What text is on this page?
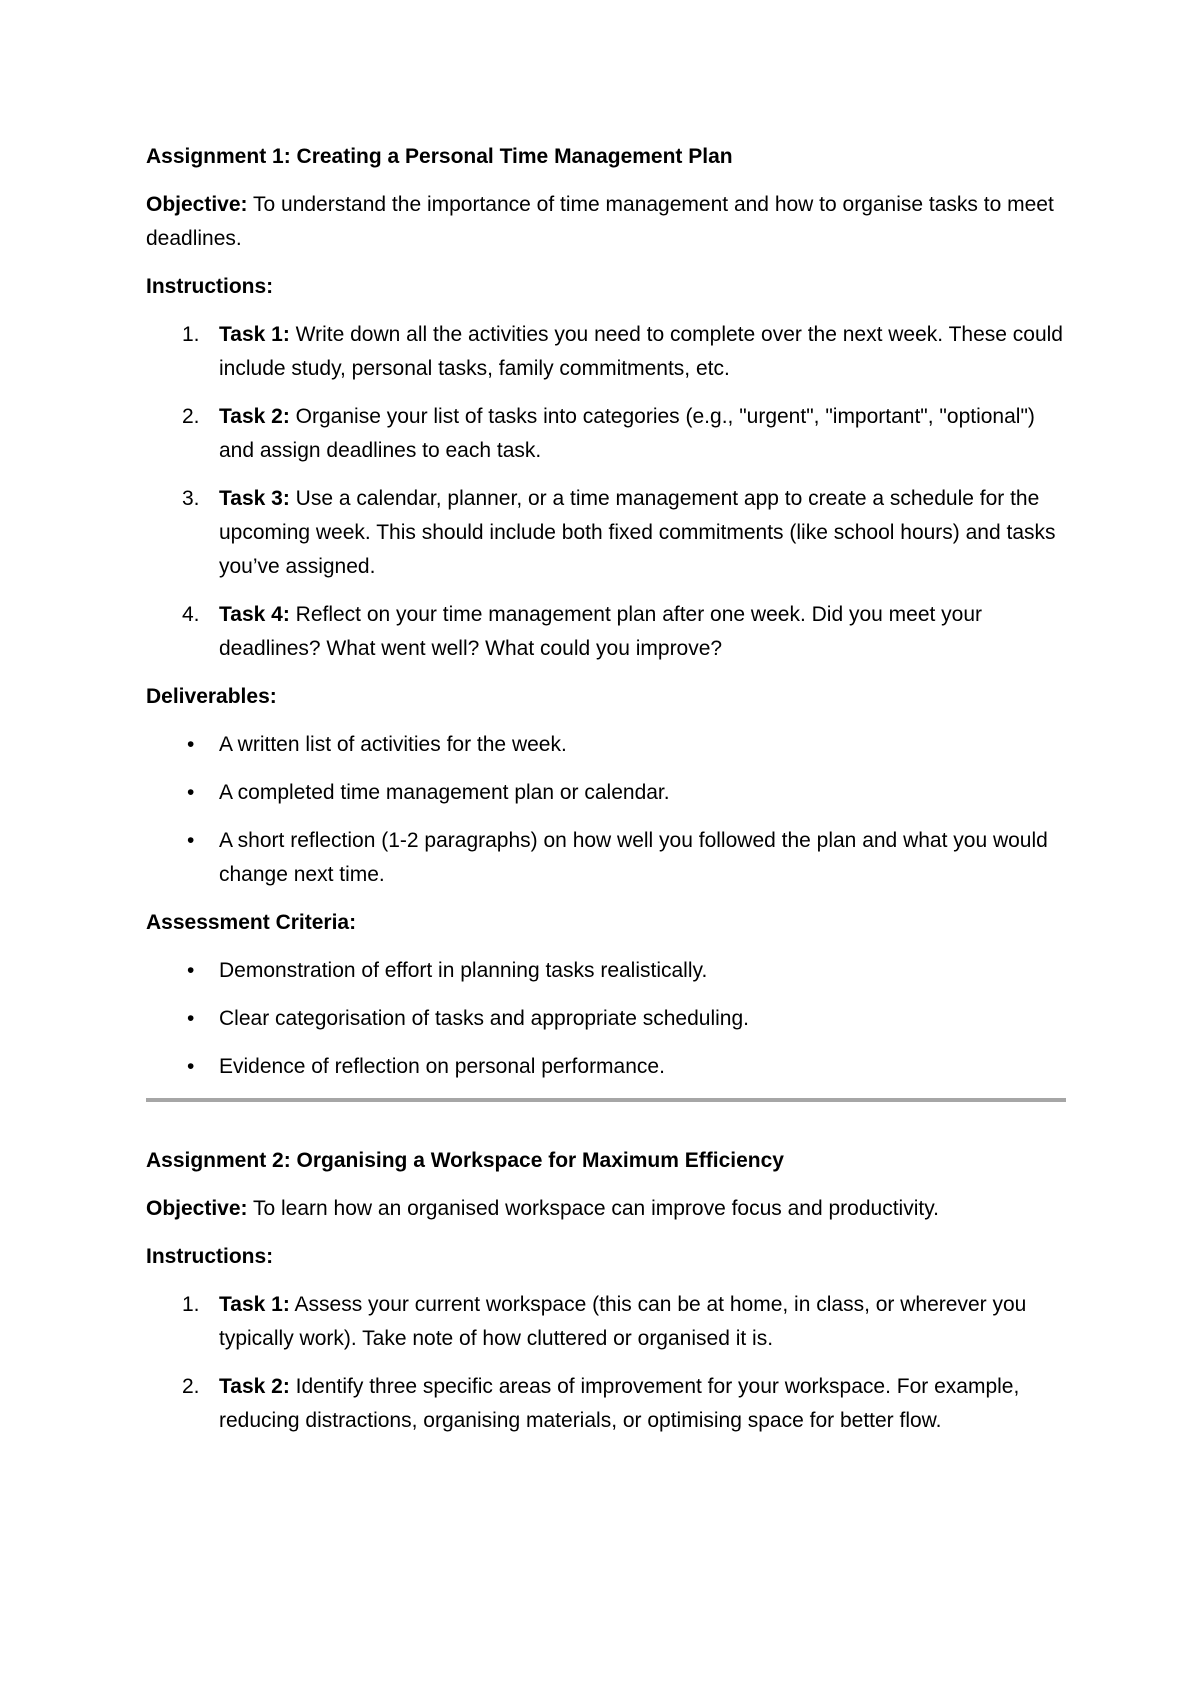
Assignment 1: Creating a Personal Time Management Plan
Objective: To understand the importance of time management and how to organise tasks to meet deadlines.
Instructions:
1. Task 1: Write down all the activities you need to complete over the next week. These could include study, personal tasks, family commitments, etc.
2. Task 2: Organise your list of tasks into categories (e.g., "urgent", "important", "optional") and assign deadlines to each task.
3. Task 3: Use a calendar, planner, or a time management app to create a schedule for the upcoming week. This should include both fixed commitments (like school hours) and tasks you’ve assigned.
4. Task 4: Reflect on your time management plan after one week. Did you meet your deadlines? What went well? What could you improve?
Deliverables:
• A written list of activities for the week.
• A completed time management plan or calendar.
• A short reflection (1-2 paragraphs) on how well you followed the plan and what you would change next time.
Assessment Criteria:
• Demonstration of effort in planning tasks realistically.
• Clear categorisation of tasks and appropriate scheduling.
• Evidence of reflection on personal performance.
Assignment 2: Organising a Workspace for Maximum Efficiency
Objective: To learn how an organised workspace can improve focus and productivity.
Instructions:
1. Task 1: Assess your current workspace (this can be at home, in class, or wherever you typically work). Take note of how cluttered or organised it is.
2. Task 2: Identify three specific areas of improvement for your workspace. For example, reducing distractions, organising materials, or optimising space for better flow.
